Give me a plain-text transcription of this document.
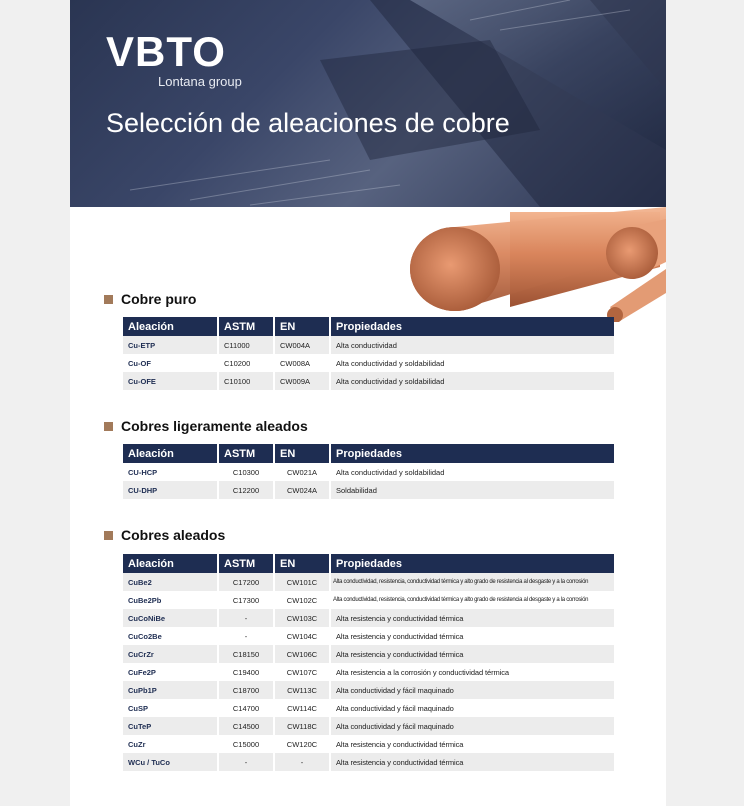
VBTO
Lontana group
Selección de aleaciones de cobre
Cobre puro
Aleación	ASTM	EN	Propiedades
Cu-ETP	C11000	CW004A	Alta conductividad
Cu-OF	C10200	CW008A	Alta conductividad y soldabilidad
Cu-OFE	C10100	CW009A	Alta conductividad y soldabilidad
Cobres ligeramente aleados
Aleación	ASTM	EN	Propiedades
CU-HCP	C10300	CW021A	Alta conductividad y soldabilidad
CU-DHP	C12200	CW024A	Soldabilidad
Cobres aleados
Aleación	ASTM	EN	Propiedades
CuBe2	C17200	CW101C	Alta conductividad, resistencia, conductividad térmica y alto grado de resistencia al desgaste y a la corrosión
CuBe2Pb	C17300	CW102C	Alta conductividad, resistencia, conductividad térmica y alto grado de resistencia al desgaste y a la corrosión
CuCoNiBe	-	CW103C	Alta resistencia y conductividad térmica
CuCo2Be	-	CW104C	Alta resistencia y conductividad térmica
CuCrZr	C18150	CW106C	Alta resistencia y conductividad térmica
CuFe2P	C19400	CW107C	Alta resistencia a la corrosión y conductividad térmica
CuPb1P	C18700	CW113C	Alta conductividad y fácil maquinado
CuSP	C14700	CW114C	Alta conductividad y fácil maquinado
CuTeP	C14500	CW118C	Alta conductividad y fácil maquinado
CuZr	C15000	CW120C	Alta resistencia y conductividad térmica
WCu / TuCo	-	-	Alta resistencia y conductividad térmica
